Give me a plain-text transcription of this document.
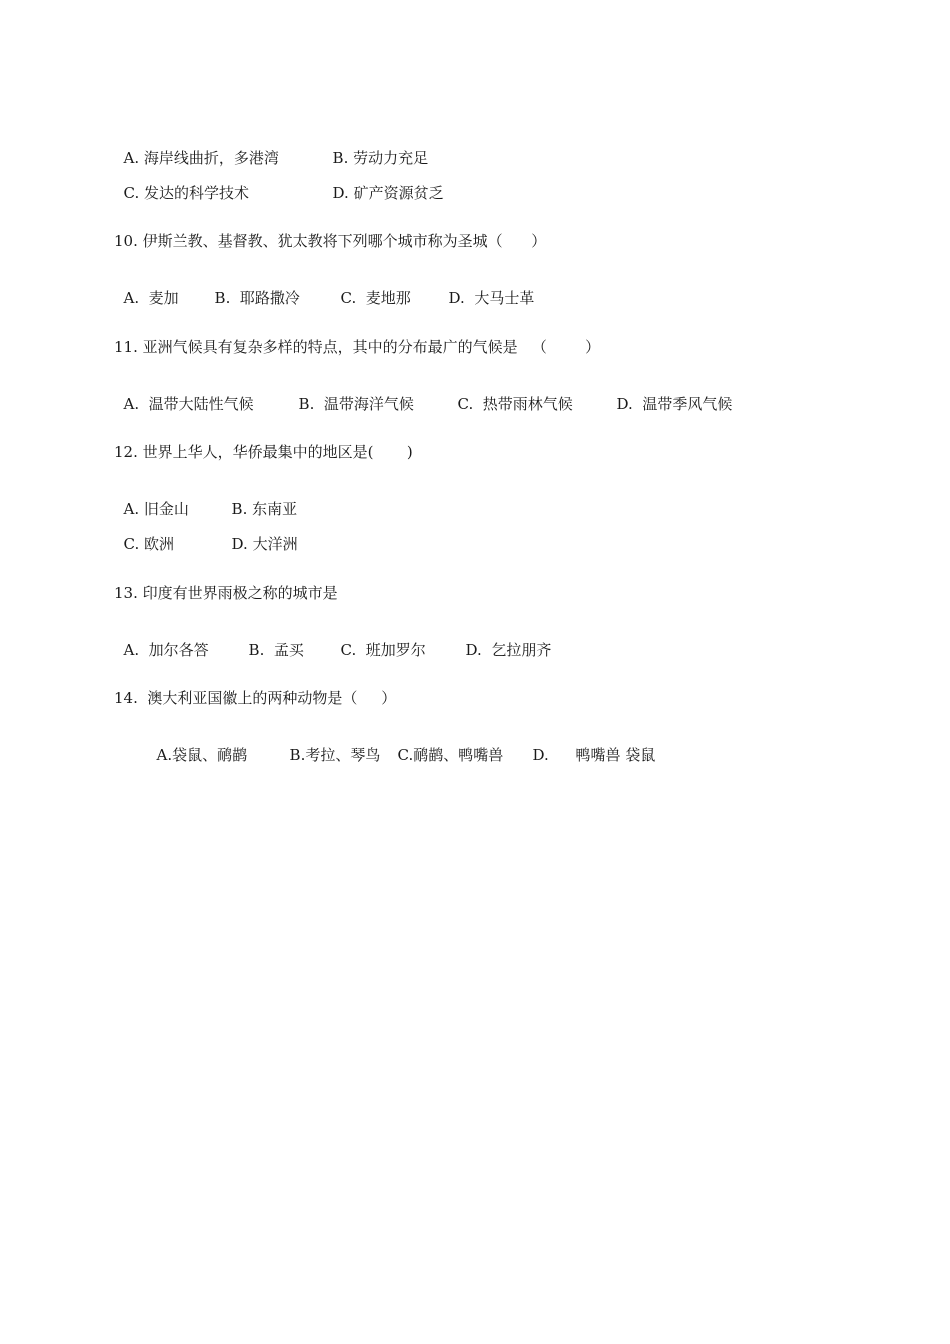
A. 海岸线曲折，多港湾	B. 劳动力充足

C. 发达的科学技术	D. 矿产资源贫乏

10. 伊斯兰教、基督教、犹太教将下列哪个城市称为圣城（      ）

A.  麦加 B.  耶路撒冷	C.  麦地那	D.  大马士革

11. 亚洲气候具有复杂多样的特点，其中的分布最广的气候是   （        ）

A.  温带大陆性气候	B.  温带海洋气候	C.  热带雨林气候	D.  温带季风气候

12. 世界上华人，华侨最集中的地区是(       )

A. 旧金山	B. 东南亚

C. 欧洲	D. 大洋洲

13. 印度有世界雨极之称的城市是

A.  加尔各答	B.  孟买 C.  班加罗尔	D.  乞拉朋齐

14.  澳大利亚国徽上的两种动物是（     ）

A.袋鼠、鸸鹋	B.考拉、琴鸟 C.鸸鹋、鸭嘴兽 D. 鸭嘴兽 袋鼠
